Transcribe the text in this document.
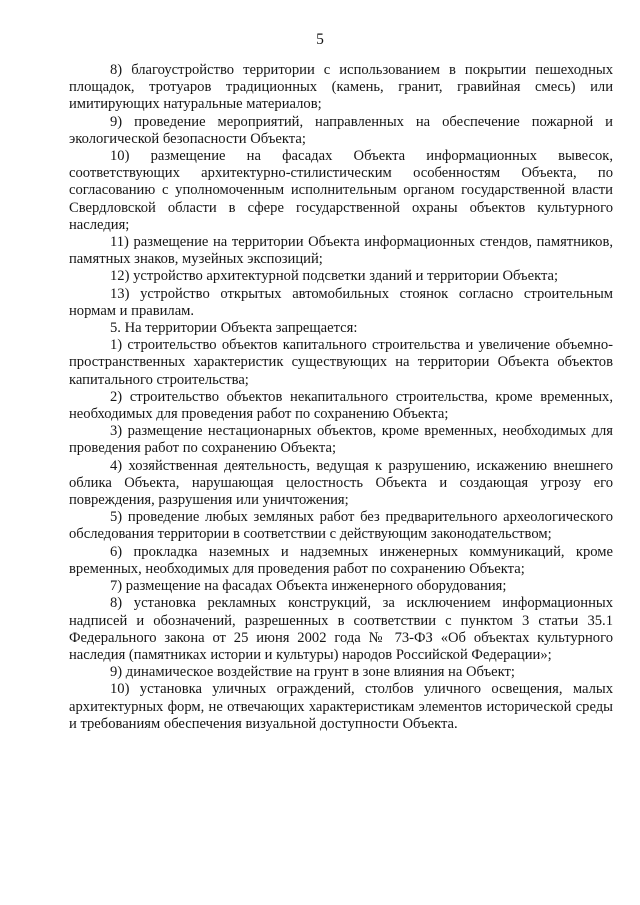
5

8) благоустройство территории с использованием в покрытии пешеходных площадок, тротуаров традиционных (камень, гранит, гравийная смесь) или имитирующих натуральные материалов;

9) проведение мероприятий, направленных на обеспечение пожарной и экологической безопасности Объекта;

10) размещение на фасадах Объекта информационных вывесок, соответствующих архитектурно-стилистическим особенностям Объекта, по согласованию с уполномоченным исполнительным органом государственной власти Свердловской области в сфере государственной охраны объектов культурного наследия;

11) размещение на территории Объекта информационных стендов, памятников, памятных знаков, музейных экспозиций;

12) устройство архитектурной подсветки зданий и территории Объекта;

13) устройство открытых автомобильных стоянок согласно строительным нормам и правилам.

5. На территории Объекта запрещается:

1) строительство объектов капитального строительства и увеличение объемно-пространственных характеристик существующих на территории Объекта объектов капитального строительства;

2) строительство объектов некапитального строительства, кроме временных, необходимых для проведения работ по сохранению Объекта;

3) размещение нестационарных объектов, кроме временных, необходимых для проведения работ по сохранению Объекта;

4) хозяйственная деятельность, ведущая к разрушению, искажению внешнего облика Объекта, нарушающая целостность Объекта и создающая угрозу его повреждения, разрушения или уничтожения;

5) проведение любых земляных работ без предварительного археологического обследования территории в соответствии с действующим законодательством;

6) прокладка наземных и надземных инженерных коммуникаций, кроме временных, необходимых для проведения работ по сохранению Объекта;

7) размещение на фасадах Объекта инженерного оборудования;

8) установка рекламных конструкций, за исключением информационных надписей и обозначений, разрешенных в соответствии с пунктом 3 статьи 35.1 Федерального закона от 25 июня 2002 года № 73-ФЗ «Об объектах культурного наследия (памятниках истории и культуры) народов Российской Федерации»;

9) динамическое воздействие на грунт в зоне влияния на Объект;

10) установка уличных ограждений, столбов уличного освещения, малых архитектурных форм, не отвечающих характеристикам элементов исторической среды и требованиям обеспечения визуальной доступности Объекта.
